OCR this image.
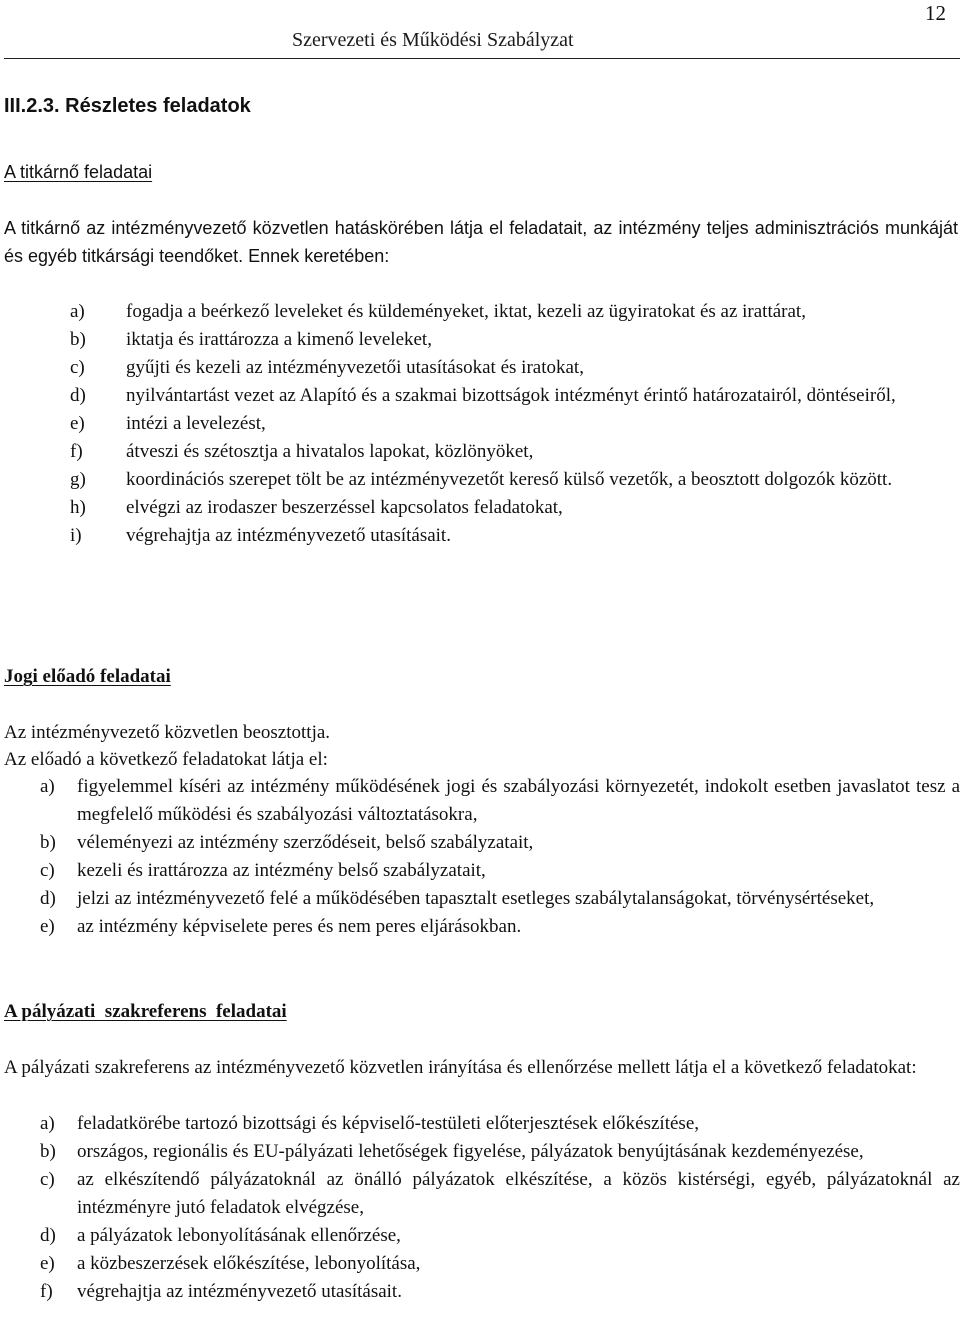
12
Szervezeti és Működési Szabályzat
III.2.3. Részletes feladatok
A titkárnő feladatai
A titkárnő az intézményvezető közvetlen hatáskörében látja el feladatait, az intézmény teljes adminisztrációs munkáját és egyéb titkársági teendőket. Ennek keretében:
a) fogadja a beérkező leveleket és küldeményeket, iktat, kezeli az ügyiratokat és az irattárat,
b) iktatja és irattározza a kimenő leveleket,
c) gyűjti és kezeli az intézményvezetői utasításokat és iratokat,
d) nyilvántartást vezet az Alapító és a szakmai bizottságok intézményt érintő határozatairól, döntéseiről,
e) intézi a levelezést,
f) átveszi és szétosztja a hivatalos lapokat, közlönyöket,
g) koordinációs szerepet tölt be az intézményvezetőt kereső külső vezetők, a beosztott dolgozók között.
h) elvégzi az irodaszer beszerzéssel kapcsolatos feladatokat,
i) végrehajtja az intézményvezető utasításait.
Jogi előadó feladatai
Az intézményvezető közvetlen beosztottja.
Az előadó a következő feladatokat látja el:
a) figyelemmel kíséri az intézmény működésének jogi és szabályozási környezetét, indokolt esetben javaslatot tesz a megfelelő működési és szabályozási változtatásokra,
b) véleményezi az intézmény szerződéseit, belső szabályzatait,
c) kezeli és irattározza az intézmény belső szabályzatait,
d) jelzi az intézményvezető felé a működésében tapasztalt esetleges szabálytalanságokat, törvénysértéseket,
e) az intézmény képviselete peres és nem peres eljárásokban.
A pályázati  szakreferens  feladatai
A pályázati szakreferens az intézményvezető közvetlen irányítása és ellenőrzése mellett látja el a következő feladatokat:
a) feladatkörébe tartozó bizottsági és képviselő-testületi előterjesztések előkészítése,
b) országos, regionális és EU-pályázati lehetőségek figyelése, pályázatok benyújtásának kezdeményezése,
c) az elkészítendő pályázatoknál az önálló pályázatok elkészítése, a közös kistérségi, egyéb, pályázatoknál az intézményre jutó feladatok elvégzése,
d) a pályázatok lebonyolításának ellenőrzése,
e) a közbeszerzések előkészítése, lebonyolítása,
f) végrehajtja az intézményvezető utasításait.
